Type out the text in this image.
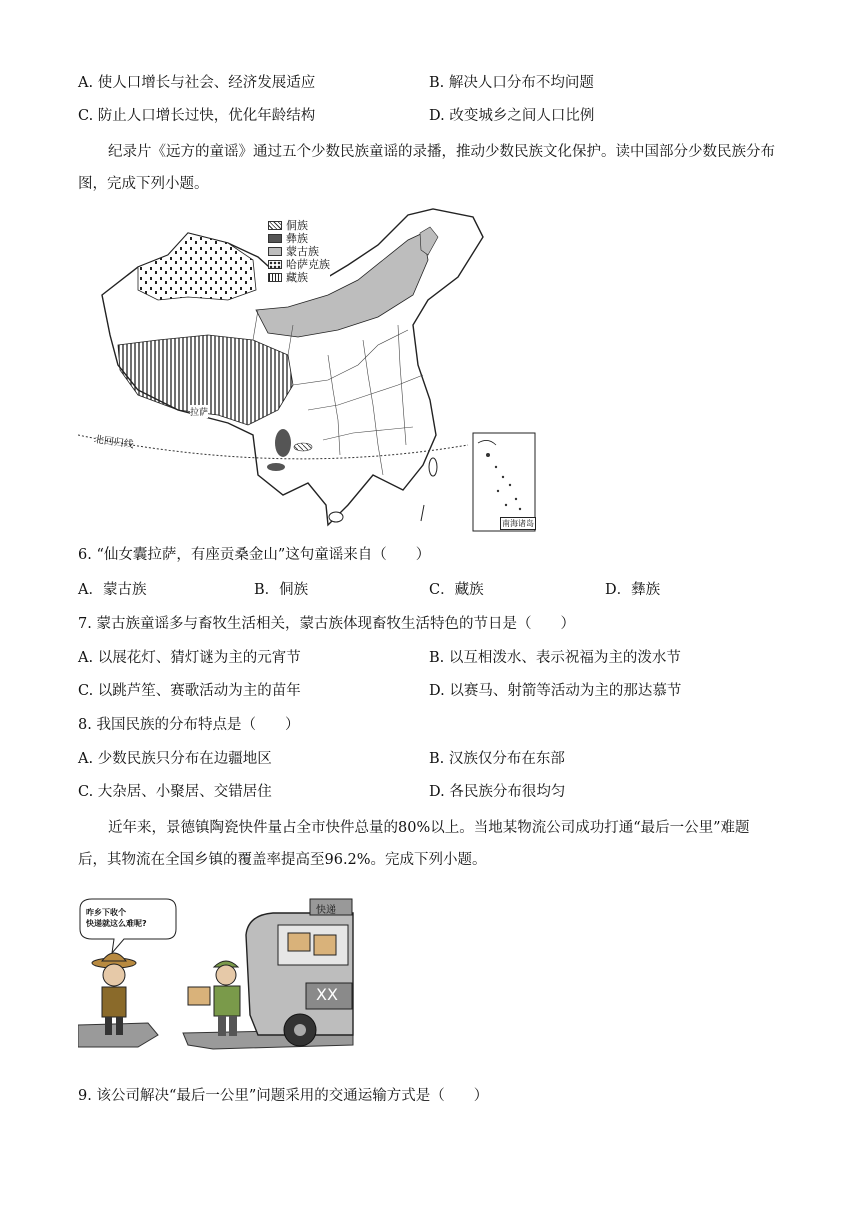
A. 使人口增长与社会、经济发展适应	B. 解决人口分布不均问题
C. 防止人口增长过快，优化年龄结构	D. 改变城乡之间人口比例
纪录片《远方的童谣》通过五个少数民族童谣的录播，推动少数民族文化保护。读中国部分少数民族分布图，完成下列小题。
侗族
彝族
蒙古族
哈萨克族
藏族
北回归线
拉萨
南海诸岛
6. “仙女囊拉萨，有座贡桑金山”这句童谣来自（　　）
A．蒙古族	B．侗族	C．藏族	D．彝族
7. 蒙古族童谣多与畜牧生活相关，蒙古族体现畜牧生活特色的节日是（　　）
A. 以展花灯、猜灯谜为主的元宵节	B. 以互相泼水、表示祝福为主的泼水节
C. 以跳芦笙、赛歌活动为主的苗年	D. 以赛马、射箭等活动为主的那达慕节
8. 我国民族的分布特点是（　　）
A. 少数民族只分布在边疆地区	B. 汉族仅分布在东部
C. 大杂居、小聚居、交错居住	D. 各民族分布很均匀
近年来，景德镇陶瓷快件量占全市快件总量的80%以上。当地某物流公司成功打通“最后一公里”难题后，其物流在全国乡镇的覆盖率提高至96.2%。完成下列小题。
咋乡下收个
快递就这么难呢?
快递
XX
9. 该公司解决“最后一公里”问题采用的交通运输方式是（　　）
